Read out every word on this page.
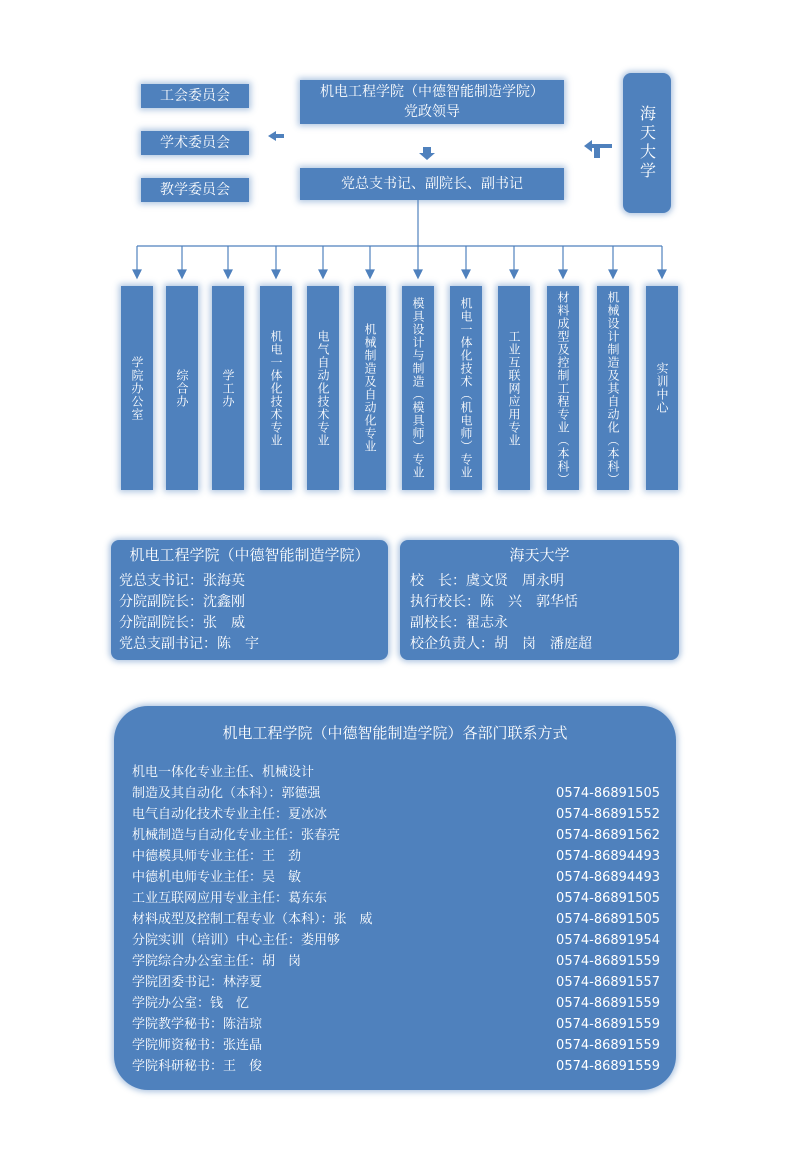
工会委员会
学术委员会
教学委员会
机电工程学院（中德智能制造学院）
党政领导
党总支书记、副院长、副书记
海天大学
学院办公室	综合办	学工办	机电一体化技术专业	电气自动化技术专业	机械制造及自动化专业	模具设计与制造（模具师）专业	机电一体化技术（机电师）专业	工业互联网应用专业	材料成型及控制工程专业（本科）	机械设计制造及其自动化（本科）	实训中心
机电工程学院（中德智能制造学院）
党总支书记：张海英
分院副院长：沈鑫刚
分院副院长：张　威
党总支副书记：陈　宇
海天大学
校　长：虞文贤　周永明
执行校长：陈　兴　郭华恬
副校长：翟志永
校企负责人：胡　岗　潘庭超
机电工程学院（中德智能制造学院）各部门联系方式
机电一体化专业主任、机械设计
制造及其自动化（本科）：郭德强	0574-86891505
电气自动化技术专业主任：夏冰冰	0574-86891552
机械制造与自动化专业主任：张春亮	0574-86891562
中德模具师专业主任：王　劲	0574-86894493
中德机电师专业主任：吴　敏	0574-86894493
工业互联网应用专业主任：葛东东	0574-86891505
材料成型及控制工程专业（本科）：张　威	0574-86891505
分院实训（培训）中心主任：娄用够	0574-86891954
学院综合办公室主任：胡　岗	0574-86891559
学院团委书记：林浡夏	0574-86891557
学院办公室：钱　忆	0574-86891559
学院教学秘书：陈洁琼	0574-86891559
学院师资秘书：张连晶	0574-86891559
学院科研秘书：王　俊	0574-86891559
